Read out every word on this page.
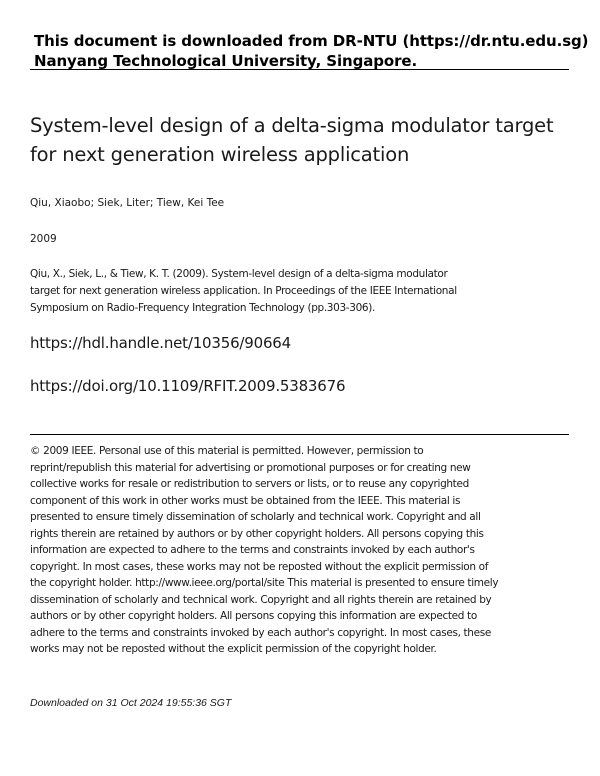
This document is downloaded from DR-NTU (https://dr.ntu.edu.sg)
Nanyang Technological University, Singapore.
System-level design of a delta-sigma modulator target for next generation wireless application
Qiu, Xiaobo; Siek, Liter; Tiew, Kei Tee
2009
Qiu, X., Siek, L., & Tiew, K. T. (2009). System-level design of a delta-sigma modulator target for next generation wireless application. In Proceedings of the IEEE International Symposium on Radio-Frequency Integration Technology (pp.303-306).
https://hdl.handle.net/10356/90664
https://doi.org/10.1109/RFIT.2009.5383676
© 2009 IEEE. Personal use of this material is permitted. However, permission to reprint/republish this material for advertising or promotional purposes or for creating new collective works for resale or redistribution to servers or lists, or to reuse any copyrighted component of this work in other works must be obtained from the IEEE. This material is presented to ensure timely dissemination of scholarly and technical work. Copyright and all rights therein are retained by authors or by other copyright holders. All persons copying this information are expected to adhere to the terms and constraints invoked by each author's copyright. In most cases, these works may not be reposted without the explicit permission of the copyright holder. http://www.ieee.org/portal/site This material is presented to ensure timely dissemination of scholarly and technical work. Copyright and all rights therein are retained by authors or by other copyright holders. All persons copying this information are expected to adhere to the terms and constraints invoked by each author's copyright. In most cases, these works may not be reposted without the explicit permission of the copyright holder.
Downloaded on 31 Oct 2024 19:55:36 SGT
